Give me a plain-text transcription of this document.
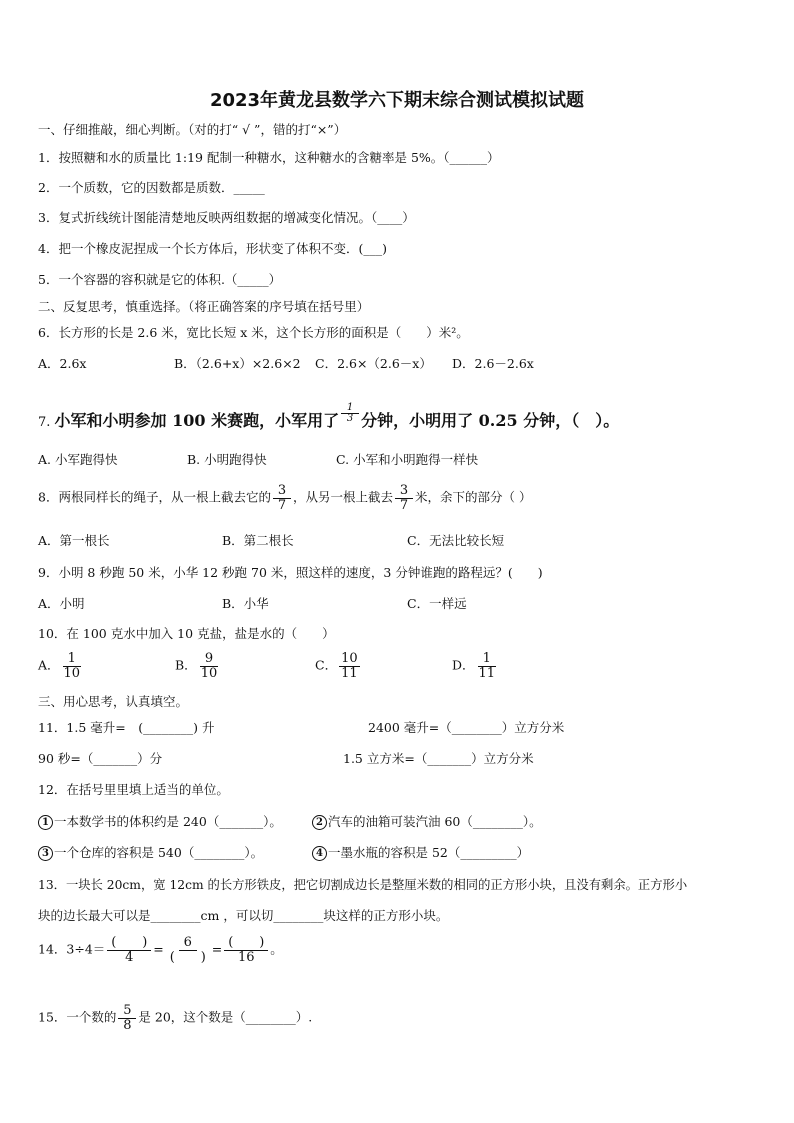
2023年黄龙县数学六下期末综合测试模拟试题
一、仔细推敲，细心判断。（对的打“ √ ”，错的打“×”）
1．按照糖和水的质量比 1:19 配制一种糖水，这种糖水的含糖率是 5%。（______）
2．一个质数，它的因数都是质数．_____
3．复式折线统计图能清楚地反映两组数据的增减变化情况。（____）
4．把一个橡皮泥捏成一个长方体后，形状变了体积不变．(___)
5．一个容器的容积就是它的体积.（_____）
二、反复思考，慎重选择。（将正确答案的序号填在括号里）
6．长方形的长是 2.6 米，宽比长短 x 米，这个长方形的面积是（　　）米²。
A．2.6x	B．（2.6+x）×2.6×2 C．2.6×（2.6－x） D．2.6－2.6x
7. 小军和小明参加 100 米赛跑，小军用了 $\frac{1}{3}$ 分钟，小明用了 0.25 分钟，（　）。
A. 小军跑得快	B. 小明跑得快	C. 小军和小明跑得一样快
8．两根同样长的绳子，从一根上截去它的 $\frac{3}{7}$ ，从另一根上截去 $\frac{3}{7}$ 米，余下的部分（ ）
A．第一根长	B．第二根长	C．无法比较长短
9．小明 8 秒跑 50 米，小华 12 秒跑 70 米，照这样的速度，3 分钟谁跑的路程远？(　　)
A．小明	B．小华	C．一样远
10．在 100 克水中加入 10 克盐，盐是水的（　　）
A． $\frac{1}{10}$	B． $\frac{9}{10}$	C． $\frac{10}{11}$	D． $\frac{1}{11}$
三、用心思考，认真填空。
11．1.5 毫升=　(________) 升	2400 毫升=（________）立方分米
90 秒=（_______）分	1.5 立方米=（_______）立方分米
12．在括号里里填上适当的单位。
1 一本数学书的体积约是 240（_______）。	2 汽车的油箱可装汽油 60（________）。
3 一个仓库的容积是 540（________）。	4 一墨水瓶的容积是 52（_________）
13．一块长 20cm，宽 12cm 的长方形铁皮，把它切割成边长是整厘米数的相同的正方形小块，且没有剩余。正方形小
块的边长最大可以是________cm ，可以切________块这样的正方形小块。
14．$3\div 4= \frac{( )}{4} = \frac{6}{( )} = \frac{( )}{16}$ 。
15．一个数的 $\frac{5}{8}$ 是 20，这个数是（________）.
